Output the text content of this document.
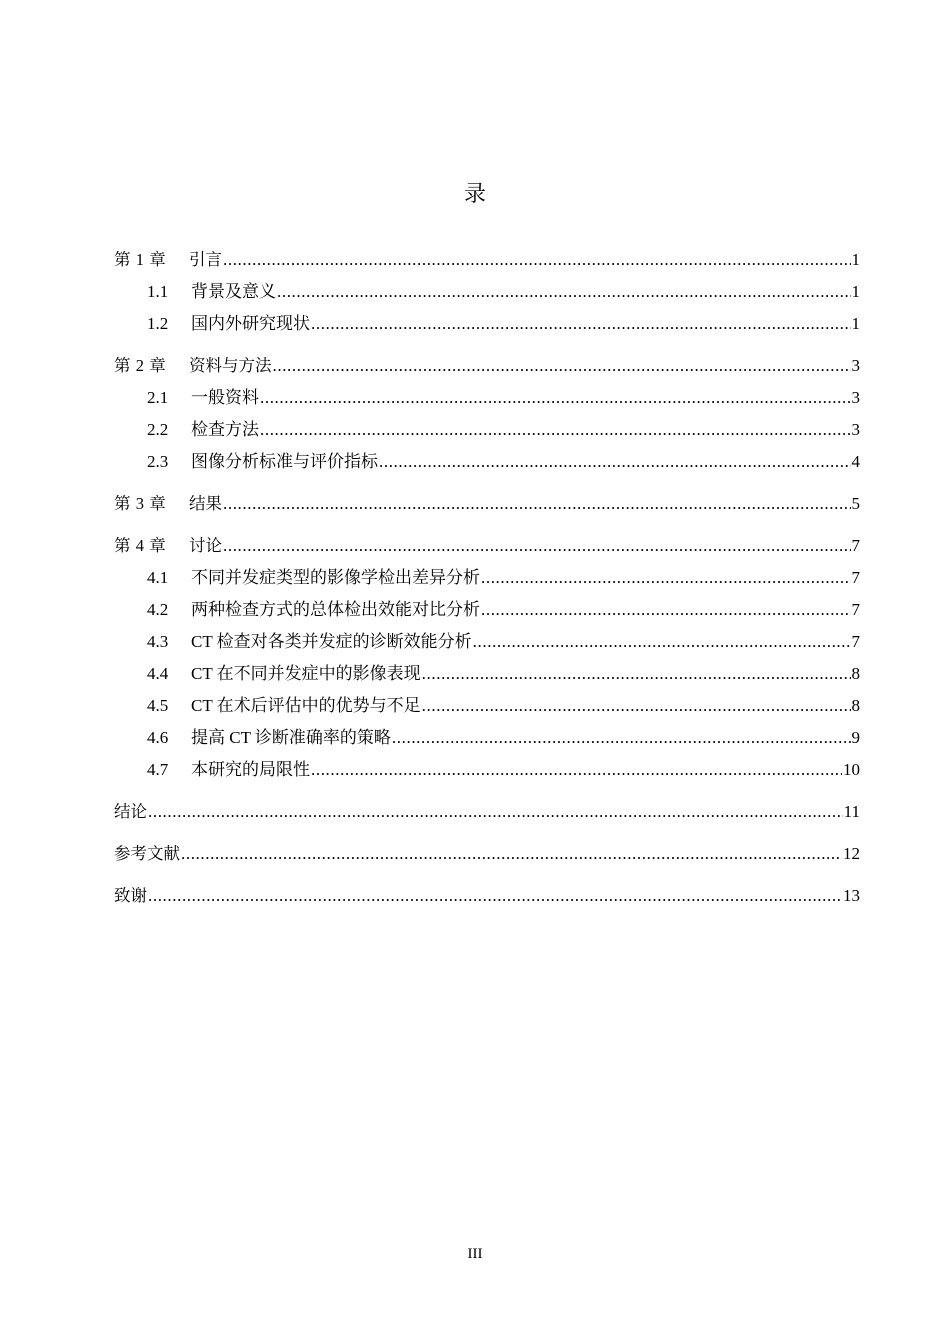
录
第 1 章	引言 .....	1
1.1	背景及意义 .....	1
1.2	国内外研究现状 .....	1
第 2 章	资料与方法 .....	3
2.1	一般资料 .....	3
2.2	检查方法 .....	3
2.3	图像分析标准与评价指标 .....	4
第 3 章	结果 .....	5
第 4 章	讨论 .....	7
4.1	不同并发症类型的影像学检出差异分析 .....	7
4.2	两种检查方式的总体检出效能对比分析 .....	7
4.3	CT 检查对各类并发症的诊断效能分析 .....	7
4.4	CT 在不同并发症中的影像表现 .....	8
4.5	CT 在术后评估中的优势与不足 .....	8
4.6	提高 CT 诊断准确率的策略 .....	9
4.7	本研究的局限性 .....	10
结论 .....	11
参考文献 .....	12
致谢 .....	13
III
